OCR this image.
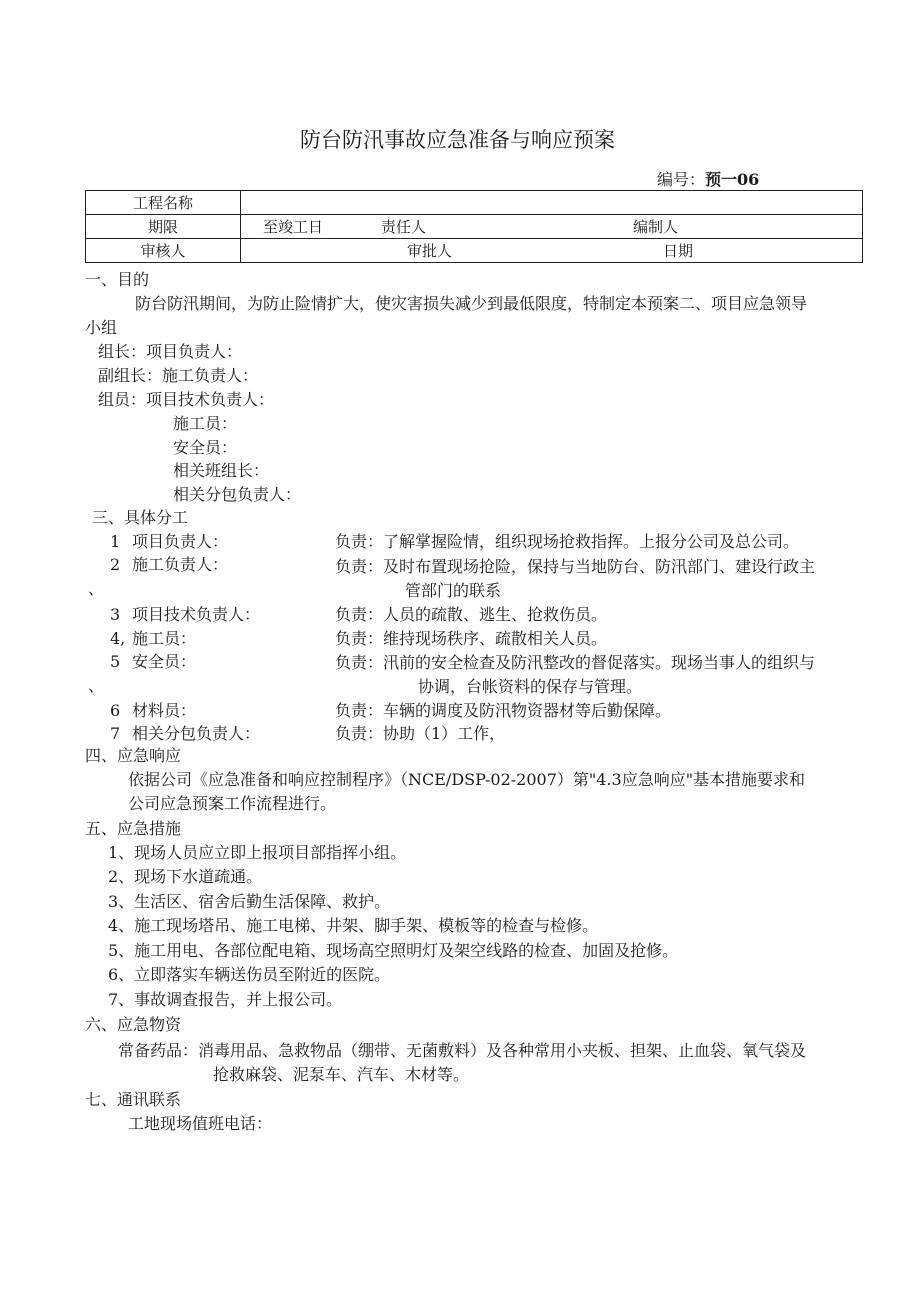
防台防汛事故应急准备与响应预案
编号：预一06
工程名称	
期限	至竣工日 责任人 编制人

审核人	审批人 日期
一、目的
防台防汛期间，为防止险情扩大，使灾害损失减少到最低限度，特制定本预案二、项目应急领导
小组
组长：项目负责人：
副组长：施工负责人：
组员：项目技术负责人：
施工员：
安全员：
相关班组长：
相关分包负责人：
三、具体分工
1 项目负责人：	负责：了解掌握险情，组织现场抢救指挥。上报分公司及总公司。
2 施工负责人：	负责：及时布置现场抢险，保持与当地防台、防汛部门、建设行政主
、	管部门的联系
3 项目技术负责人：	负责：人员的疏散、逃生、抢救伤员。
4, 施工员：	负责：维持现场秩序、疏散相关人员。
5 安全员：	负责：汛前的安全检查及防汛整改的督促落实。现场当事人的组织与
、	协调，台帐资料的保存与管理。
6 材料员：	负责：车辆的调度及防汛物资器材等后勤保障。
7 相关分包负责人：	负责：协助（1）工作，
四、应急响应
依据公司《应急准备和响应控制程序》（NCE/DSP-02-2007）第"4.3应急响应"基本措施要求和
公司应急预案工作流程进行。
五、应急措施
1、现场人员应立即上报项目部指挥小组。
2、现场下水道疏通。
3、生活区、宿舍后勤生活保障、救护。
4、施工现场塔吊、施工电梯、井架、脚手架、模板等的检查与检修。
5、施工用电、各部位配电箱、现场高空照明灯及架空线路的检查、加固及抢修。
6、立即落实车辆送伤员至附近的医院。
7、事故调查报告，并上报公司。
六、应急物资
常备药品：消毒用品、急救物品（绷带、无菌敷料）及各种常用小夹板、担架、止血袋、氧气袋及
抢救麻袋、泥泵车、汽车、木材等。
七、通讯联系
工地现场值班电话：
